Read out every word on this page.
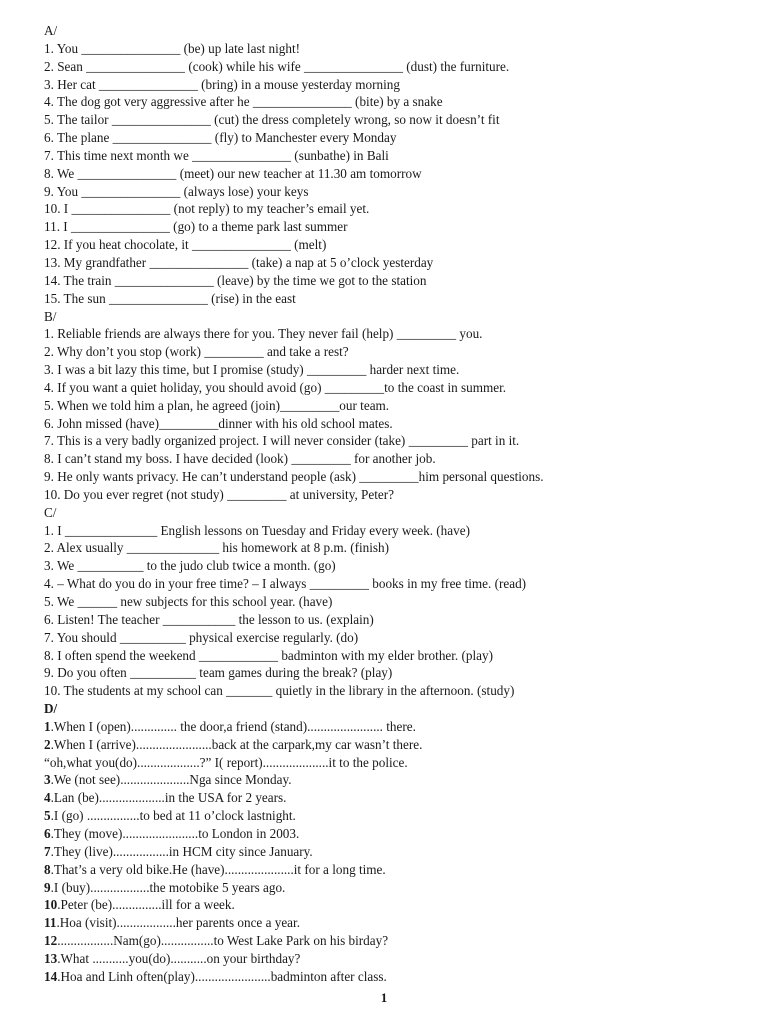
A/
1. You _______________ (be) up late last night!
2. Sean _______________ (cook) while his wife _______________ (dust) the furniture.
3. Her cat _______________ (bring) in a mouse yesterday morning
4. The dog got very aggressive after he _______________ (bite) by a snake
5. The tailor _______________ (cut) the dress completely wrong, so now it doesn’t fit
6. The plane _______________ (fly) to Manchester every Monday
7. This time next month we _______________ (sunbathe) in Bali
8. We _______________ (meet) our new teacher at 11.30 am tomorrow
9. You _______________ (always lose) your keys
10. I _______________ (not reply) to my teacher’s email yet.
11. I _______________ (go) to a theme park last summer
12. If you heat chocolate, it _______________ (melt)
13. My grandfather _______________ (take) a nap at 5 o’clock yesterday
14. The train _______________ (leave) by the time we got to the station
15. The sun _______________ (rise) in the east
B/
1. Reliable friends are always there for you. They never fail (help) _________ you.
2. Why don’t you stop (work) _________ and take a rest?
3. I was a bit lazy this time, but I promise (study) _________ harder next time.
4. If you want a quiet holiday, you should avoid (go) _________to the coast in summer.
5. When we told him a plan, he agreed (join)_________our team.
6. John missed (have)_________dinner with his old school mates.
7. This is a very badly organized project. I will never consider (take) _________ part in it.
8. I can’t stand my boss. I have decided (look) _________ for another job.
9. He only wants privacy. He can’t understand people (ask) _________him personal questions.
10. Do you ever regret (not study) _________ at university, Peter?
C/
1. I ______________ English lessons on Tuesday and Friday every week. (have)
2. Alex usually ______________ his homework at 8 p.m. (finish)
3. We __________ to the judo club twice a month. (go)
4. – What do you do in your free time? – I always _________ books in my free time. (read)
5. We ______ new subjects for this school year. (have)
6. Listen! The teacher ___________ the lesson to us. (explain)
7. You should __________ physical exercise regularly. (do)
8. I often spend the weekend ____________ badminton with my elder brother. (play)
9. Do you often __________ team games during the break? (play)
10. The students at my school can _______ quietly in the library in the afternoon. (study)
D/
1.When I (open).............. the door,a friend (stand)....................... there.
2.When I (arrive).......................back at the carpark,my car wasn’t there.
“oh,what you(do)...................?” I( report)....................it to the police.
3.We (not see).....................Nga since Monday.
4.Lan (be)....................in the USA for 2 years.
5.I (go) ................to bed at 11 o’clock lastnight.
6.They (move).......................to London in 2003.
7.They (live).................in HCM city since January.
8.That’s a very old bike.He (have).....................it for a long time.
9.I (buy)..................the motobike 5 years ago.
10.Peter (be)...............ill for a week.
11.Hoa (visit)..................her parents once a year.
12.................Nam(go)................to West Lake Park on his birday?
13.What ...........you(do)...........on your birthday?
14.Hoa and Linh often(play).......................badminton after class.
1
